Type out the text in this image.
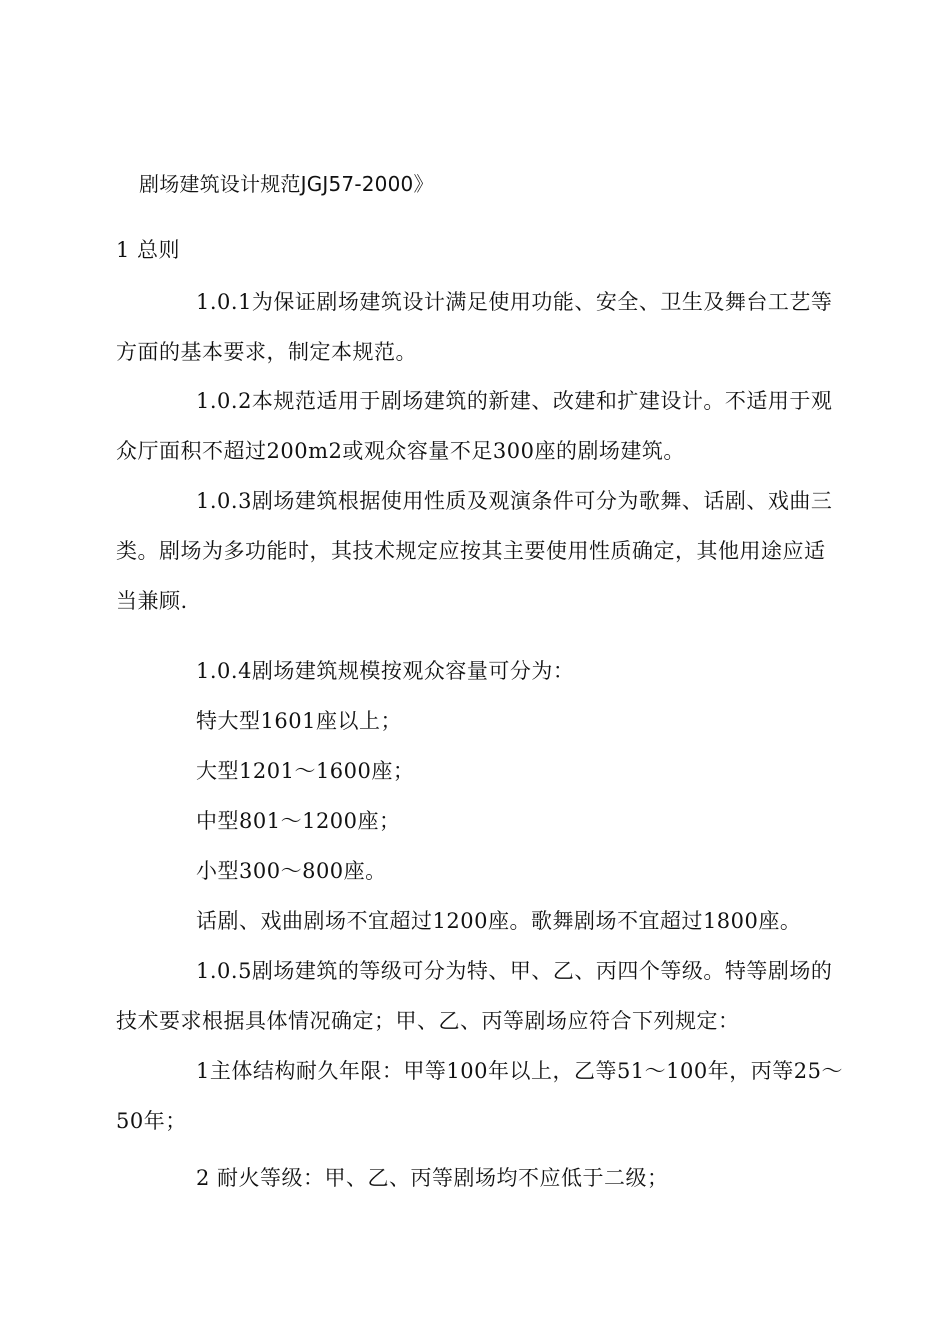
剧场建筑设计规范JGJ57-2000》
1 总则
1.0.1为保证剧场建筑设计满足使用功能、安全、卫生及舞台工艺等
方面的基本要求，制定本规范。
1.0.2本规范适用于剧场建筑的新建、改建和扩建设计。不适用于观
众厅面积不超过200m2或观众容量不足300座的剧场建筑。
1.0.3剧场建筑根据使用性质及观演条件可分为歌舞、话剧、戏曲三
类。剧场为多功能时，其技术规定应按其主要使用性质确定，其他用途应适
当兼顾.
1.0.4剧场建筑规模按观众容量可分为：
特大型1601座以上；
大型1201〜1600座；
中型801〜1200座；
小型300〜800座。
话剧、戏曲剧场不宜超过1200座。歌舞剧场不宜超过1800座。
1.0.5剧场建筑的等级可分为特、甲、乙、丙四个等级。特等剧场的
技术要求根据具体情况确定；甲、乙、丙等剧场应符合下列规定：
1主体结构耐久年限：甲等100年以上，乙等51〜100年，丙等25〜
50年；
2 耐火等级：甲、乙、丙等剧场均不应低于二级；
